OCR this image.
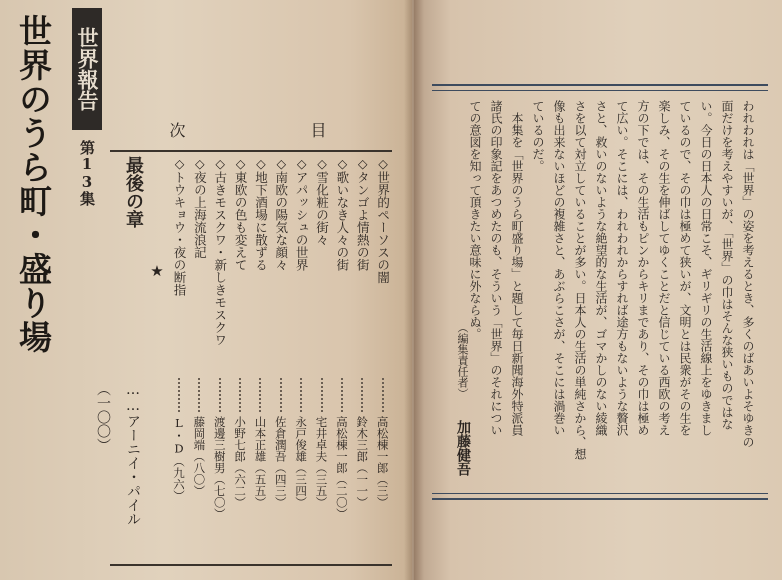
世界のうら町・盛り場 世界報告
第13集
次	目
最後の章
……アーニイ・パイル（一〇〇）
★	◇世界的ペーソスの闇
高松棟一郎（三）
◇タンゴよ情熱の街
鈴木三郎（一一）
◇歌いなき人々の街
高松棟一郎（二〇）
◇雪化粧の街々
宅井卓夫（三五）
◇アパッシュの世界
永戸俊雄（三四）
◇南欧の陽気な顔々
佐倉潤吾（四三）
◇地下酒場に散ずる
山本正雄（五五）
◇東欧の色も変えて
小野七郎（六二）
◇古きモスクワ・新しきモスクワ
渡邊三樹男（七〇）
◇夜の上海流浪記
藤岡端（八〇）
◇トウキョウ・夜の断指
L・D（九六）
われわれは「世界」の姿を考えるとき、多くのばあいよそゆきの
面だけを考えやすいが、「世界」の巾はそんな狭いものではな
い。今日の日本人の日常こそ、ギリギリの生活線上をゆきまし
ているので、その巾は極めて狭いが、文明とは民衆がその生を
楽しみ、その生を伸ばしてゆくことだと信じている西欧の考え
方の下では、その生活もピンからキリまであり、その巾は極め
て広い。そこには、われわれからすれば途方もないような贅沢
さと、救いのないような絶望的な生活が、ゴマかしのない綾織
さを以て対立していることが多い。日本人の生活の単純さから、想
像も出来ないほどの複雑さと、あぶらこさが、そこには渦巻い
ているのだ。
本集を「世界のうら町盛り場」と題して毎日新聞海外特派員
諸氏の印象記をあつめたのも、そういう「世界」のそれについ
ての意図を知って頂きたい意味に外ならぬ。
（編集責任者）
加藤健吾
